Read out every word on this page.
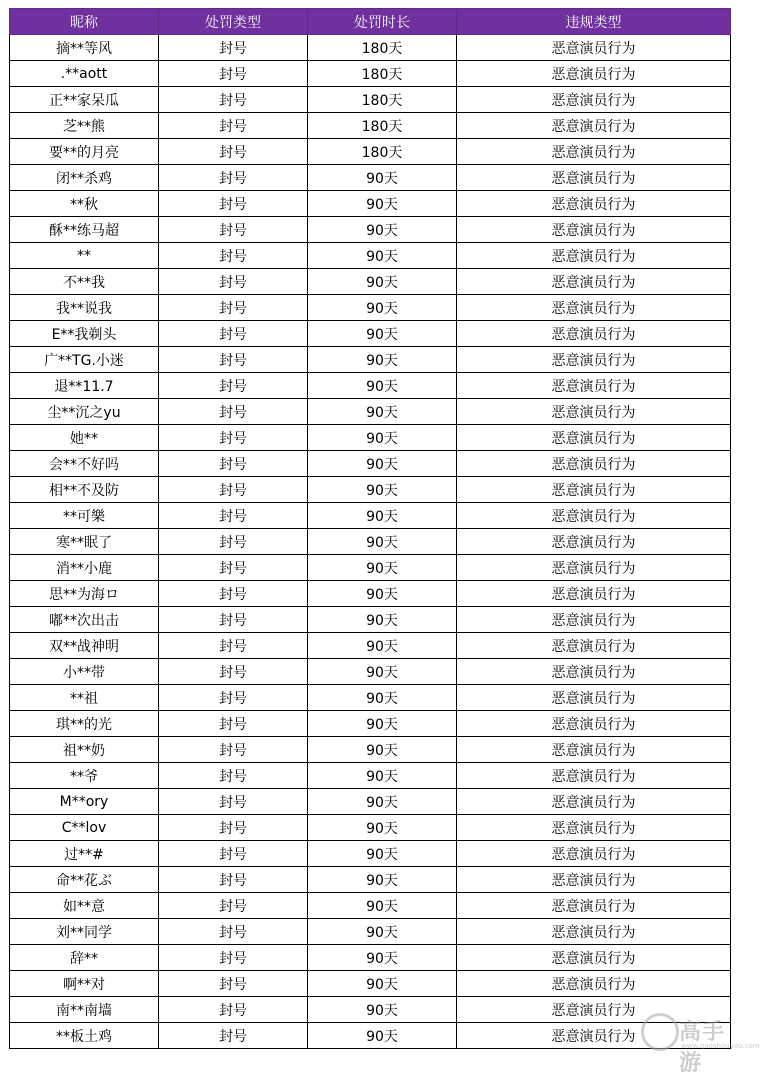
昵称	处罚类型	处罚时长	违规类型
摘**等风	封号	180天	恶意演员行为
.**aott	封号	180天	恶意演员行为
正**家呆瓜	封号	180天	恶意演员行为
芝**熊	封号	180天	恶意演员行为
要**的月亮	封号	180天	恶意演员行为
闭**杀鸡	封号	90天	恶意演员行为
**秋	封号	90天	恶意演员行为
酥**练马超	封号	90天	恶意演员行为
**	封号	90天	恶意演员行为
不**我	封号	90天	恶意演员行为
我**说我	封号	90天	恶意演员行为
E**我剃头	封号	90天	恶意演员行为
广**TG.小迷	封号	90天	恶意演员行为
退**11.7	封号	90天	恶意演员行为
尘**沉之yu	封号	90天	恶意演员行为
她**	封号	90天	恶意演员行为
会**不好吗	封号	90天	恶意演员行为
相**不及防	封号	90天	恶意演员行为
**可樂	封号	90天	恶意演员行为
寒**眠了	封号	90天	恶意演员行为
消**小鹿	封号	90天	恶意演员行为
思**为海ロ	封号	90天	恶意演员行为
嘟**次出击	封号	90天	恶意演员行为
双**战神明	封号	90天	恶意演员行为
小**带	封号	90天	恶意演员行为
**祖	封号	90天	恶意演员行为
琪**的光	封号	90天	恶意演员行为
祖**奶	封号	90天	恶意演员行为
**爷	封号	90天	恶意演员行为
M**ory	封号	90天	恶意演员行为
C**lov	封号	90天	恶意演员行为
过**#	封号	90天	恶意演员行为
命**花ぶ	封号	90天	恶意演员行为
如**意	封号	90天	恶意演员行为
刘**同学	封号	90天	恶意演员行为
辞**	封号	90天	恶意演员行为
啊**对	封号	90天	恶意演员行为
南**南墙	封号	90天	恶意演员行为
**板土鸡	封号	90天	恶意演员行为 高手游
www.gaoshouyou.com
